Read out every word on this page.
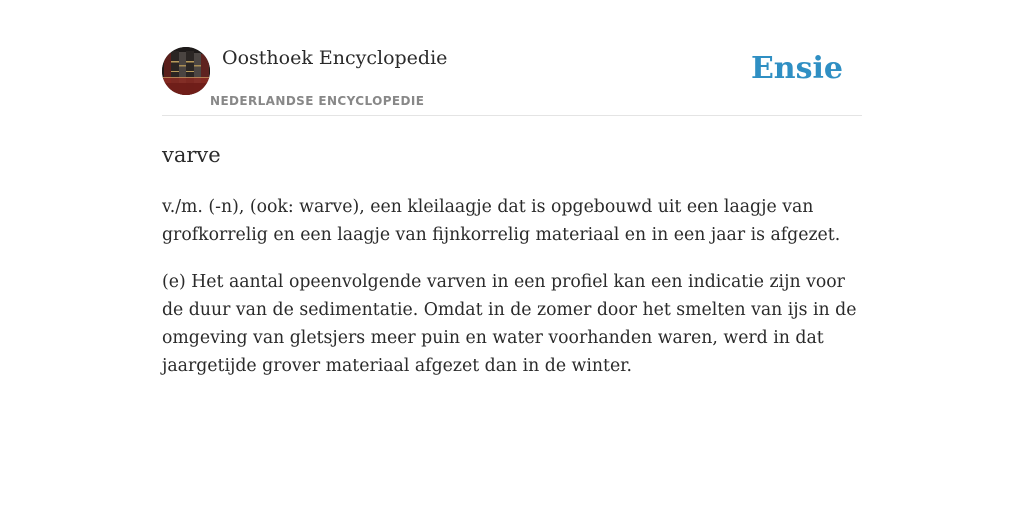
Oosthoek Encyclopedie
NEDERLANDSE ENCYCLOPEDIE
Ensie
varve

v./m. (-n), (ook: warve), een kleilaagje dat is opgebouwd uit een laagje van grofkorrelig en een laagje van fijnkorrelig materiaal en in een jaar is afgezet.

(e) Het aantal opeenvolgende varven in een profiel kan een indicatie zijn voor de duur van de sedimentatie. Omdat in de zomer door het smelten van ijs in de omgeving van gletsjers meer puin en water voorhanden waren, werd in dat jaargetijde grover materiaal afgezet dan in de winter.
